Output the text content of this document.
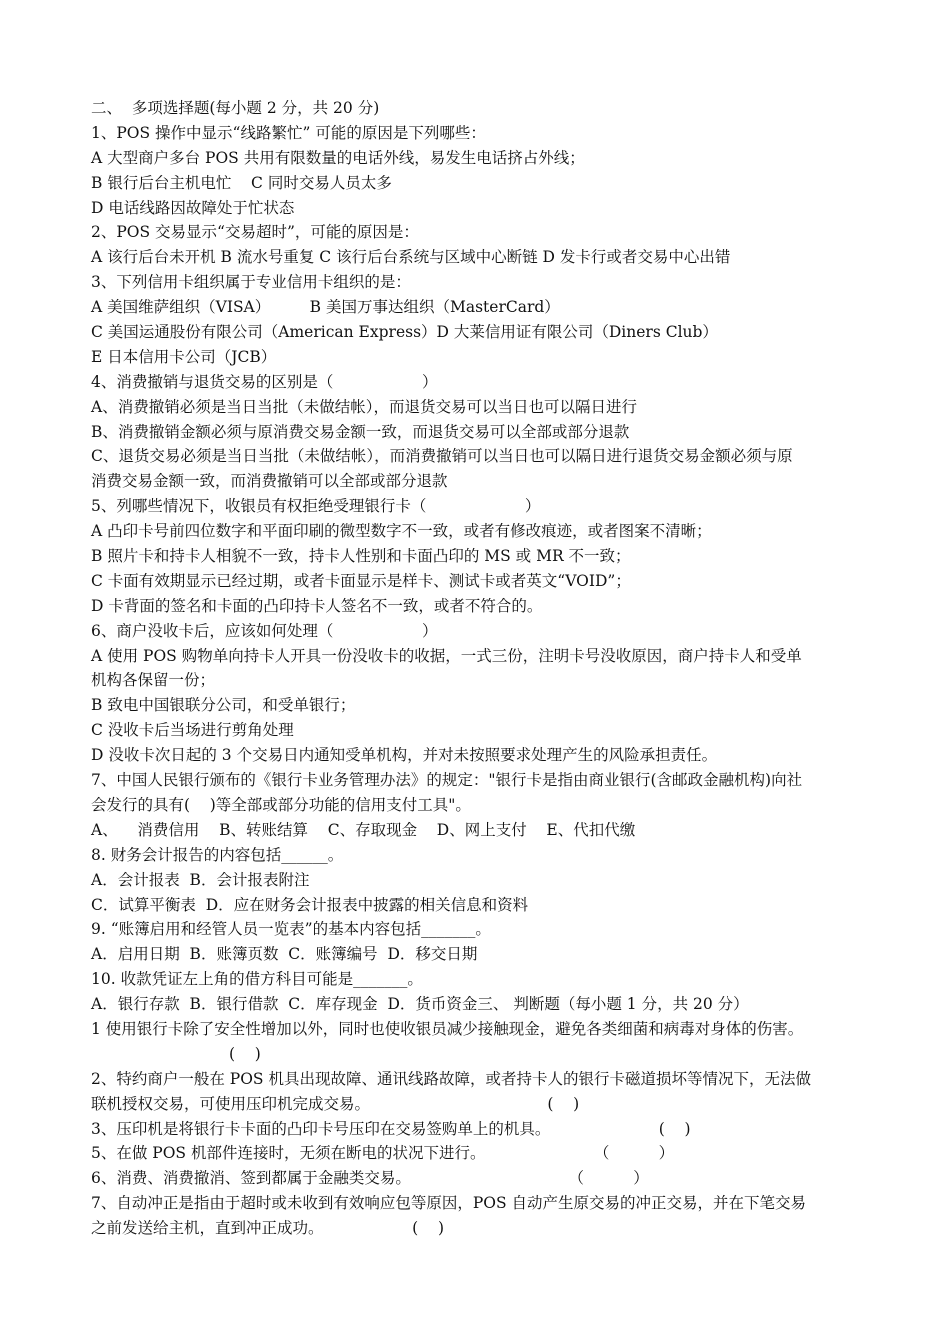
二、  多项选择题(每小题 2 分，共 20 分)
1、POS 操作中显示“线路繁忙” 可能的原因是下列哪些：
A 大型商户多台 POS 共用有限数量的电话外线，易发生电话挤占外线；
B 银行后台主机电忙    C 同时交易人员太多
D 电话线路因故障处于忙状态
2、POS 交易显示“交易超时”，可能的原因是：
A 该行后台未开机 B 流水号重复 C 该行后台系统与区域中心断链 D 发卡行或者交易中心出错
3、下列信用卡组织属于专业信用卡组织的是：
A 美国维萨组织（VISA）        B 美国万事达组织（MasterCard）
C 美国运通股份有限公司（American Express）D 大莱信用证有限公司（Diners Club）
E 日本信用卡公司（JCB）
4、消费撤销与退货交易的区别是（                  ）
A、消费撤销必须是当日当批（未做结帐），而退货交易可以当日也可以隔日进行
B、消费撤销金额必须与原消费交易金额一致，而退货交易可以全部或部分退款
C、退货交易必须是当日当批（未做结帐），而消费撤销可以当日也可以隔日进行退货交易金额必须与原
消费交易金额一致，而消费撤销可以全部或部分退款
5、列哪些情况下，收银员有权拒绝受理银行卡（                    ）
A 凸印卡号前四位数字和平面印刷的微型数字不一致，或者有修改痕迹，或者图案不清晰；
B 照片卡和持卡人相貌不一致，持卡人性别和卡面凸印的 MS 或 MR 不一致；
C 卡面有效期显示已经过期，或者卡面显示是样卡、测试卡或者英文“VOID”；
D 卡背面的签名和卡面的凸印持卡人签名不一致，或者不符合的。
6、商户没收卡后，应该如何处理（                  ）
A 使用 POS 购物单向持卡人开具一份没收卡的收据，一式三份，注明卡号没收原因，商户持卡人和受单
机构各保留一份；
B 致电中国银联分公司，和受单银行；
C 没收卡后当场进行剪角处理
D 没收卡次日起的 3 个交易日内通知受单机构，并对未按照要求处理产生的风险承担责任。
7、中国人民银行颁布的《银行卡业务管理办法》的规定："银行卡是指由商业银行(含邮政金融机构)向社
会发行的具有(    )等全部或部分功能的信用支付工具"。
A、    消费信用    B、转账结算    C、存取现金    D、网上支付    E、代扣代缴
8. 财务会计报告的内容包括______。
A．会计报表  B．会计报表附注
C．试算平衡表  D．应在财务会计报表中披露的相关信息和资料
9. “账簿启用和经管人员一览表”的基本内容包括_______。
A．启用日期  B．账簿页数  C．账簿编号  D．移交日期
10. 收款凭证左上角的借方科目可能是_______。
A．银行存款  B．银行借款  C．库存现金  D．货币资金三、 判断题（每小题 1 分，共 20 分）
1 使用银行卡除了安全性增加以外，同时也使收银员减少接触现金，避免各类细菌和病毒对身体的伤害。
(    )
2、特约商户一般在 POS 机具出现故障、通讯线路故障，或者持卡人的银行卡磁道损坏等情况下，无法做
联机授权交易，可使用压印机完成交易。                                    (    )
3、压印机是将银行卡卡面的凸印卡号压印在交易签购单上的机具。                      (    )
5、在做 POS 机部件连接时，无须在断电的状况下进行。                      （          ）
6、消费、消费撤消、签到都属于金融类交易。                                （          ）
7、自动冲正是指由于超时或未收到有效响应包等原因，POS 自动产生原交易的冲正交易，并在下笔交易
之前发送给主机，直到冲正成功。                  (    )
